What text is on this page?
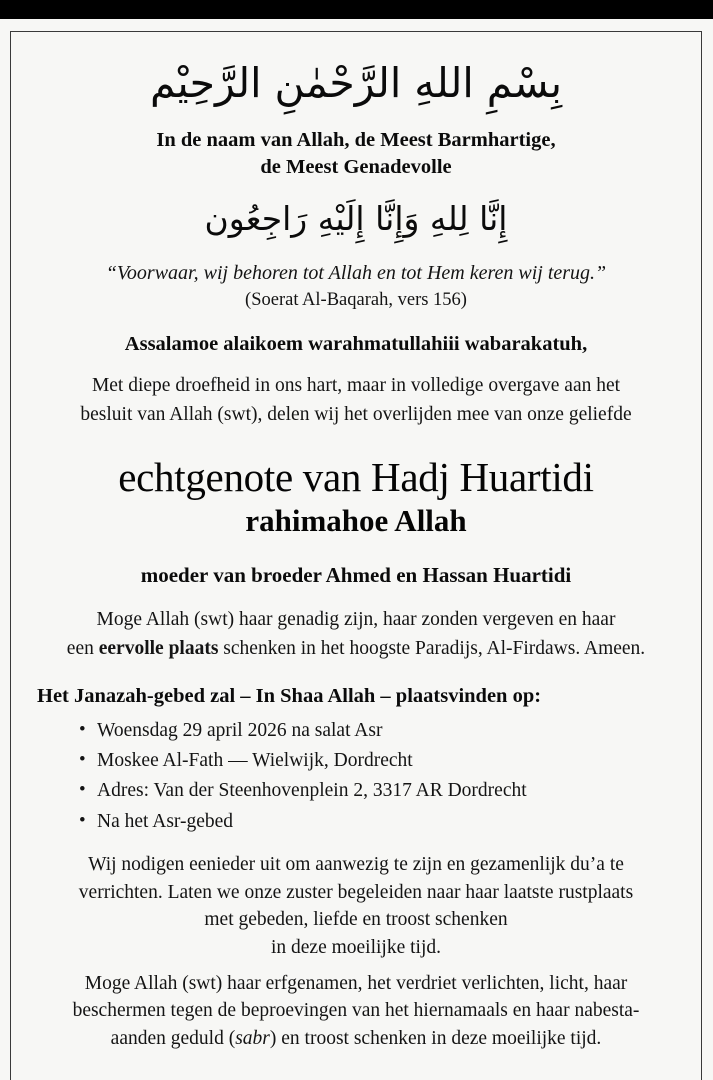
بِسْمِ اللهِ الرَّحْمٰنِ الرَّحِيْم
In de naam van Allah, de Meest Barmhartige,
de Meest Genadevolle
إِنَّا لِلهِ وَإِنَّا إِلَيْهِ رَاجِعُون
“Voorwaar, wij behoren tot Allah en tot Hem keren wij terug.”
(Soerat Al-Baqarah, vers 156)
Assalamoe alaikoem warahmatullahiii wabarakatuh,
Met diepe droefheid in ons hart, maar in volledige overgave aan het
besluit van Allah (swt), delen wij het overlijden mee van onze geliefde
echtgenote van Hadj Huartidi
rahimahoe Allah
moeder van broeder Ahmed en Hassan Huartidi
Moge Allah (swt) haar genadig zijn, haar zonden vergeven en haar
een eervolle plaats schenken in het hoogste Paradijs, Al-Firdaws. Ameen.
Het Janazah-gebed zal – In Shaa Allah – plaatsvinden op:
• Woensdag 29 april 2026 na salat Asr
• Moskee Al-Fath — Wielwijk, Dordrecht
• Adres: Van der Steenhovenplein 2, 3317 AR Dordrecht
• Na het Asr-gebed
Wij nodigen eenieder uit om aanwezig te zijn en gezamenlijk du’a te
verrichten. Laten we onze zuster begeleiden naar haar laatste rustplaats
met gebeden, liefde en troost schenken
in deze moeilijke tijd.
Moge Allah (swt) haar erfgenamen, het verdriet verlichten, licht, haar
beschermen tegen de beproevingen van het hiernamaals en haar nabesta-
aanden geduld (sabr) en troost schenken in deze moeilijke tijd.
